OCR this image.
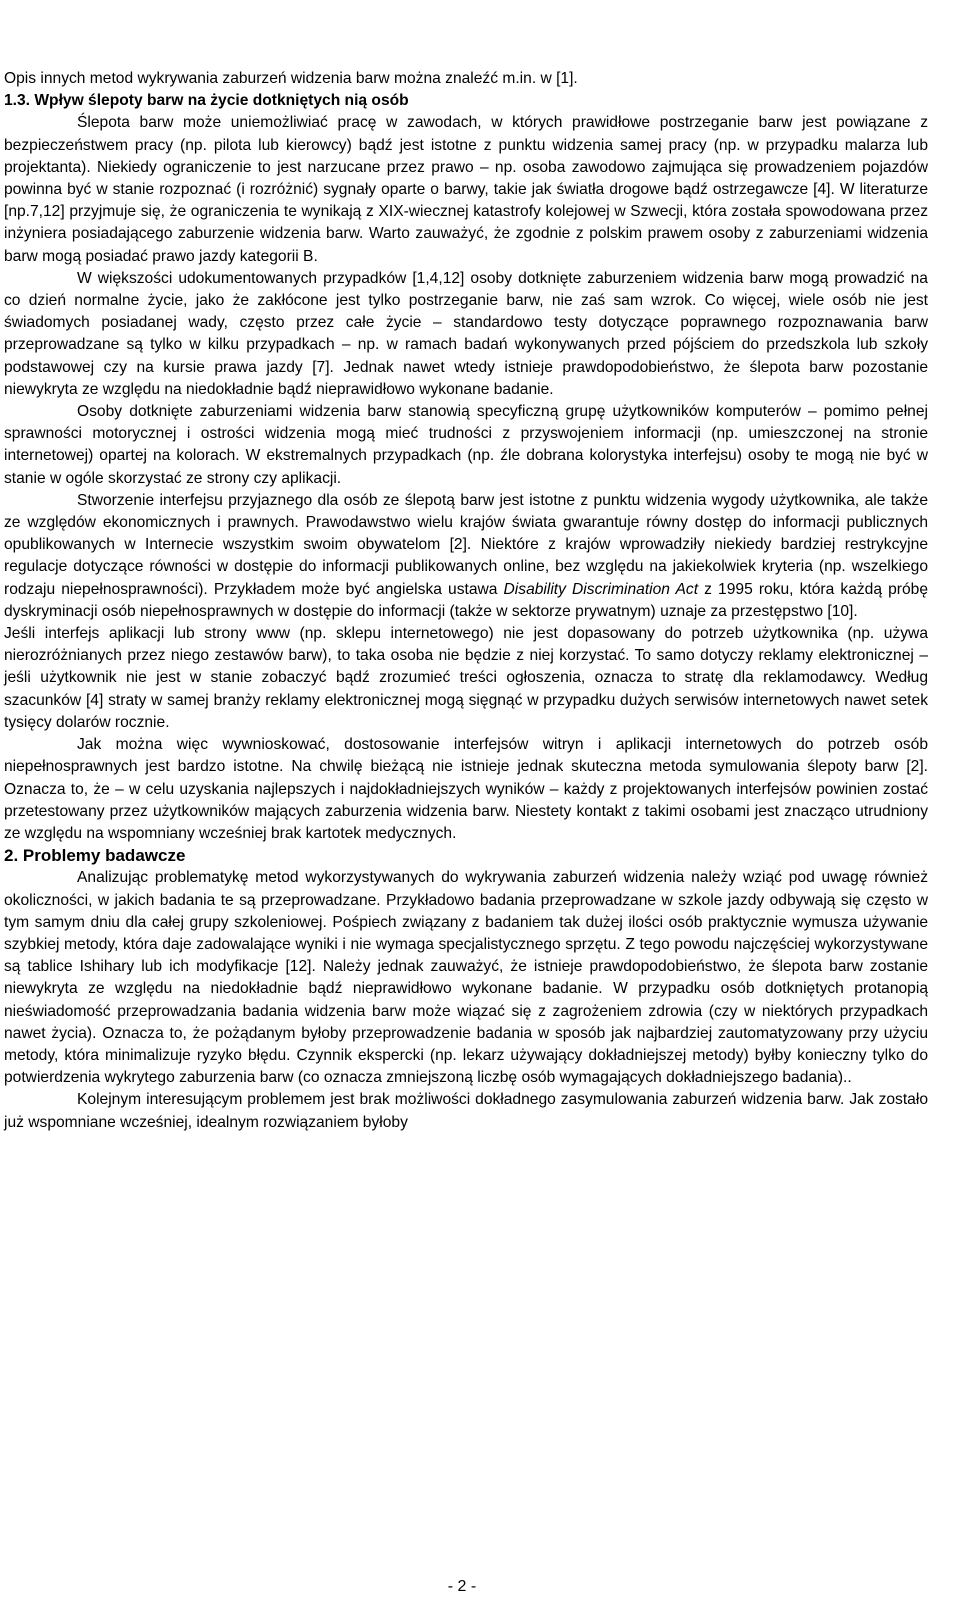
mgr inż. Maciej LASKOWSKI	Instytut Informatyki	Politechnika Lubelska

Opis innych metod wykrywania zaburzeń widzenia barw można znaleźć m.in. w [1].

1.3. Wpływ ślepoty barw na życie dotkniętych nią osób

Ślepota barw może uniemożliwiać pracę w zawodach, w których prawidłowe postrzeganie barw jest powiązane z bezpieczeństwem pracy (np. pilota lub kierowcy) bądź jest istotne z punktu widzenia samej pracy (np. w przypadku malarza lub projektanta). Niekiedy ograniczenie to jest narzucane przez prawo – np. osoba zawodowo zajmująca się prowadzeniem pojazdów powinna być w stanie rozpoznać (i rozróżnić) sygnały oparte o barwy, takie jak światła drogowe bądź ostrzegawcze [4]. W literaturze [np.7,12] przyjmuje się, że ograniczenia te wynikają z XIX-wiecznej katastrofy kolejowej w Szwecji, która została spowodowana przez inżyniera posiadającego zaburzenie widzenia barw. Warto zauważyć, że zgodnie z polskim prawem osoby z zaburzeniami widzenia barw mogą posiadać prawo jazdy kategorii B.

W większości udokumentowanych przypadków [1,4,12] osoby dotknięte zaburzeniem widzenia barw mogą prowadzić na co dzień normalne życie, jako że zakłócone jest tylko postrzeganie barw, nie zaś sam wzrok. Co więcej, wiele osób nie jest świadomych posiadanej wady, często przez całe życie – standardowo testy dotyczące poprawnego rozpoznawania barw przeprowadzane są tylko w kilku przypadkach – np. w ramach badań wykonywanych przed pójściem do przedszkola lub szkoły podstawowej czy na kursie prawa jazdy [7]. Jednak nawet wtedy istnieje prawdopodobieństwo, że ślepota barw pozostanie niewykryta ze względu na niedokładnie bądź nieprawidłowo wykonane badanie.

Osoby dotknięte zaburzeniami widzenia barw stanowią specyficzną grupę użytkowników komputerów – pomimo pełnej sprawności motorycznej i ostrości widzenia mogą mieć trudności z przyswojeniem informacji (np. umieszczonej na stronie internetowej) opartej na kolorach. W ekstremalnych przypadkach (np. źle dobrana kolorystyka interfejsu) osoby te mogą nie być w stanie w ogóle skorzystać ze strony czy aplikacji.

Stworzenie interfejsu przyjaznego dla osób ze ślepotą barw jest istotne z punktu widzenia wygody użytkownika, ale także ze względów ekonomicznych i prawnych. Prawodawstwo wielu krajów świata gwarantuje równy dostęp do informacji publicznych opublikowanych w Internecie wszystkim swoim obywatelom [2]. Niektóre z krajów wprowadziły niekiedy bardziej restrykcyjne regulacje dotyczące równości w dostępie do informacji publikowanych online, bez względu na jakiekolwiek kryteria (np. wszelkiego rodzaju niepełnosprawności). Przykładem może być angielska ustawa Disability Discrimination Act z 1995 roku, która każdą próbę dyskryminacji osób niepełnosprawnych w dostępie do informacji (także w sektorze prywatnym) uznaje za przestępstwo [10].

Jeśli interfejs aplikacji lub strony www (np. sklepu internetowego) nie jest dopasowany do potrzeb użytkownika (np. używa nierozróżnianych przez niego zestawów barw), to taka osoba nie będzie z niej korzystać. To samo dotyczy reklamy elektronicznej – jeśli użytkownik nie jest w stanie zobaczyć bądź zrozumieć treści ogłoszenia, oznacza to stratę dla reklamodawcy. Według szacunków [4] straty w samej branży reklamy elektronicznej mogą sięgnąć w przypadku dużych serwisów internetowych nawet setek tysięcy dolarów rocznie.

Jak można więc wywnioskować, dostosowanie interfejsów witryn i aplikacji internetowych do potrzeb osób niepełnosprawnych jest bardzo istotne. Na chwilę bieżącą nie istnieje jednak skuteczna metoda symulowania ślepoty barw [2]. Oznacza to, że – w celu uzyskania najlepszych i najdokładniejszych wyników – każdy z projektowanych interfejsów powinien zostać przetestowany przez użytkowników mających zaburzenia widzenia barw. Niestety kontakt z takimi osobami jest znacząco utrudniony ze względu na wspomniany wcześniej brak kartotek medycznych.

2. Problemy badawcze

Analizując problematykę metod wykorzystywanych do wykrywania zaburzeń widzenia należy wziąć pod uwagę również okoliczności, w jakich badania te są przeprowadzane. Przykładowo badania przeprowadzane w szkole jazdy odbywają się często w tym samym dniu dla całej grupy szkoleniowej. Pośpiech związany z badaniem tak dużej ilości osób praktycznie wymusza używanie szybkiej metody, która daje zadowalające wyniki i nie wymaga specjalistycznego sprzętu. Z tego powodu najczęściej wykorzystywane są tablice Ishihary lub ich modyfikacje [12]. Należy jednak zauważyć, że istnieje prawdopodobieństwo, że ślepota barw zostanie niewykryta ze względu na niedokładnie bądź nieprawidłowo wykonane badanie. W przypadku osób dotkniętych protanopią nieświadomość przeprowadzania badania widzenia barw może wiązać się z zagrożeniem zdrowia (czy w niektórych przypadkach nawet życia). Oznacza to, że pożądanym byłoby przeprowadzenie badania w sposób jak najbardziej zautomatyzowany przy użyciu metody, która minimalizuje ryzyko błędu. Czynnik ekspercki (np. lekarz używający dokładniejszej metody) byłby konieczny tylko do potwierdzenia wykrytego zaburzenia barw (co oznacza zmniejszoną liczbę osób wymagających dokładniejszego badania)..

Kolejnym interesującym problemem jest brak możliwości dokładnego zasymulowania zaburzeń widzenia barw. Jak zostało już wspomniane wcześniej, idealnym rozwiązaniem byłoby

- 2 -
